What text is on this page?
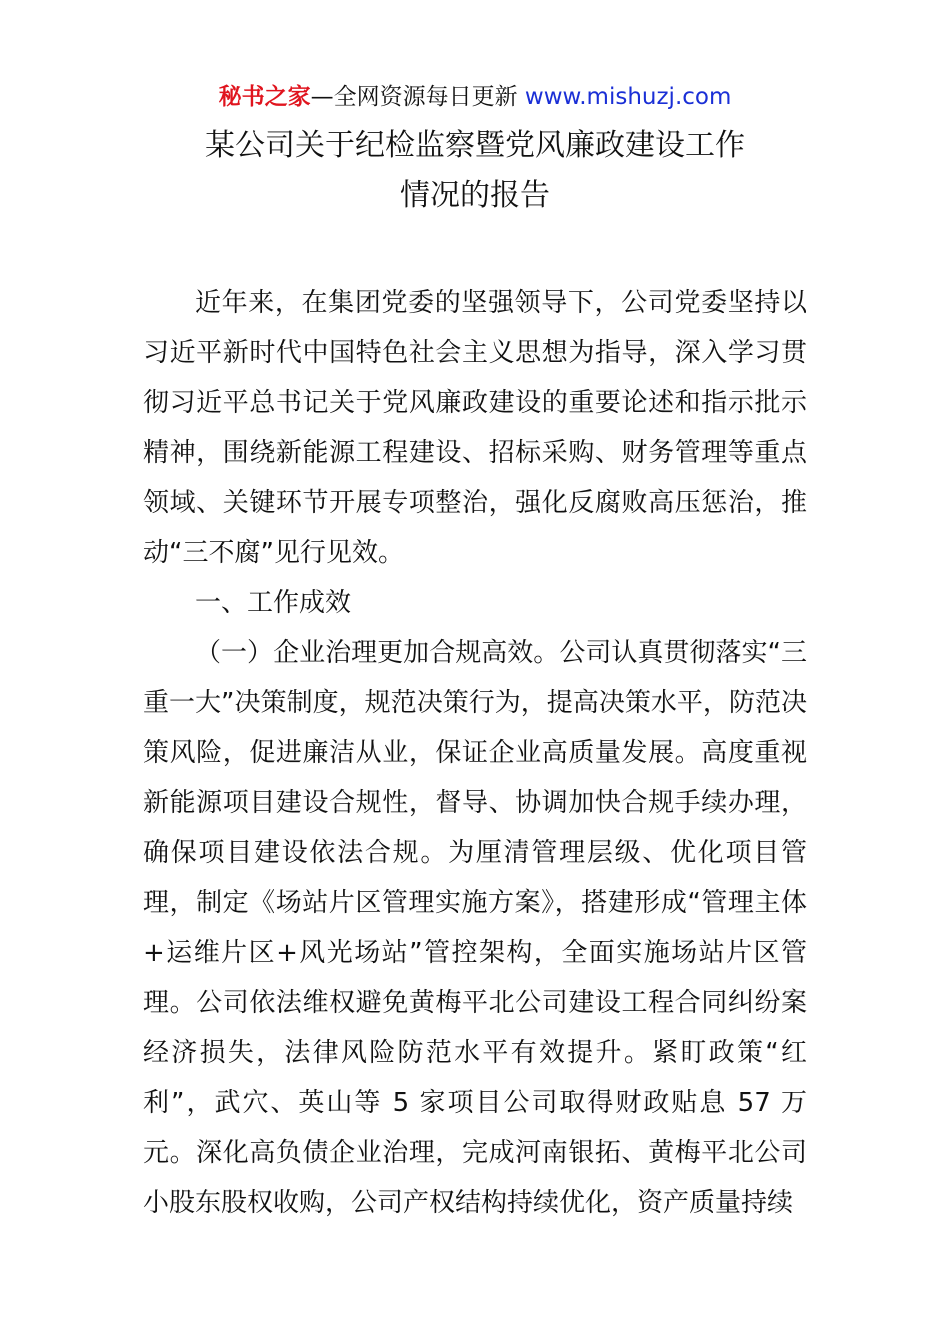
秘书之家—全网资源每日更新 www.mishuzj.com
某公司关于纪检监察暨党风廉政建设工作
情况的报告

近年来，在集团党委的坚强领导下，公司党委坚持以习近平新时代中国特色社会主义思想为指导，深入学习贯彻习近平总书记关于党风廉政建设的重要论述和指示批示精神，围绕新能源工程建设、招标采购、财务管理等重点领域、关键环节开展专项整治，强化反腐败高压惩治，推动“三不腐”见行见效。

一、工作成效

（一）企业治理更加合规高效。公司认真贯彻落实“三重一大”决策制度，规范决策行为，提高决策水平，防范决策风险，促进廉洁从业，保证企业高质量发展。高度重视新能源项目建设合规性，督导、协调加快合规手续办理，确保项目建设依法合规。为厘清管理层级、优化项目管理，制定《场站片区管理实施方案》，搭建形成“管理主体+运维片区+风光场站”管控架构，全面实施场站片区管理。公司依法维权避免黄梅平北公司建设工程合同纠纷案经济损失，法律风险防范水平有效提升。紧盯政策“红利”，武穴、英山等 5 家项目公司取得财政贴息 57 万元。深化高负债企业治理，完成河南银拓、黄梅平北公司小股东股权收购，公司产权结构持续优化，资产质量持续
